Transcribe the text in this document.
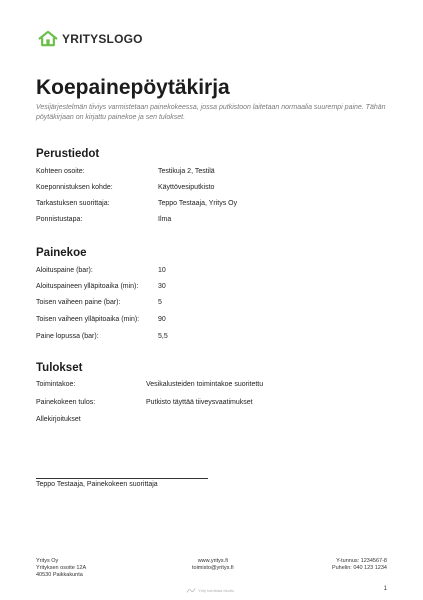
YRITYSLOGO
Koepainepöytäkirja
Vesijärjestelmän tiiviys varmistetaan painekokeessa, jossa putkistoon laitetaan normaalia suurempi paine. Tähän pöytäkirjaan on kirjattu painekoe ja sen tulokset.
Perustiedot
Kohteen osoite:	Testikuja 2, Testilä
Koeponnistuksen kohde:	Käyttövesiputkisto
Tarkastuksen suorittaja:	Teppo Testaaja, Yritys Oy
Ponnistustapa:	Ilma
Painekoe
Aloituspaine (bar):	10
Aloituspaineen ylläpitoaika (min):	30
Toisen vaiheen paine (bar):	5
Toisen vaiheen ylläpitoaika (min):	90
Paine lopussa (bar):	5,5
Tulokset
Toimintakoe:	Vesikalusteiden toimintakoe suoritettu
Painekokeen tulos:	Putkisto täyttää tiiveysvaatimukset
Allekirjoitukset
Teppo Testaaja, Painekokeen suorittaja
Yritys Oy
Yrityksen osoite 12A
40530 Paikkakunta
www.yritys.fi
toimisto@yritys.fi
Y-tunnus: 1234567-8
Puhelin: 040 123 1234
Yrity toimittaa ekuito	1
